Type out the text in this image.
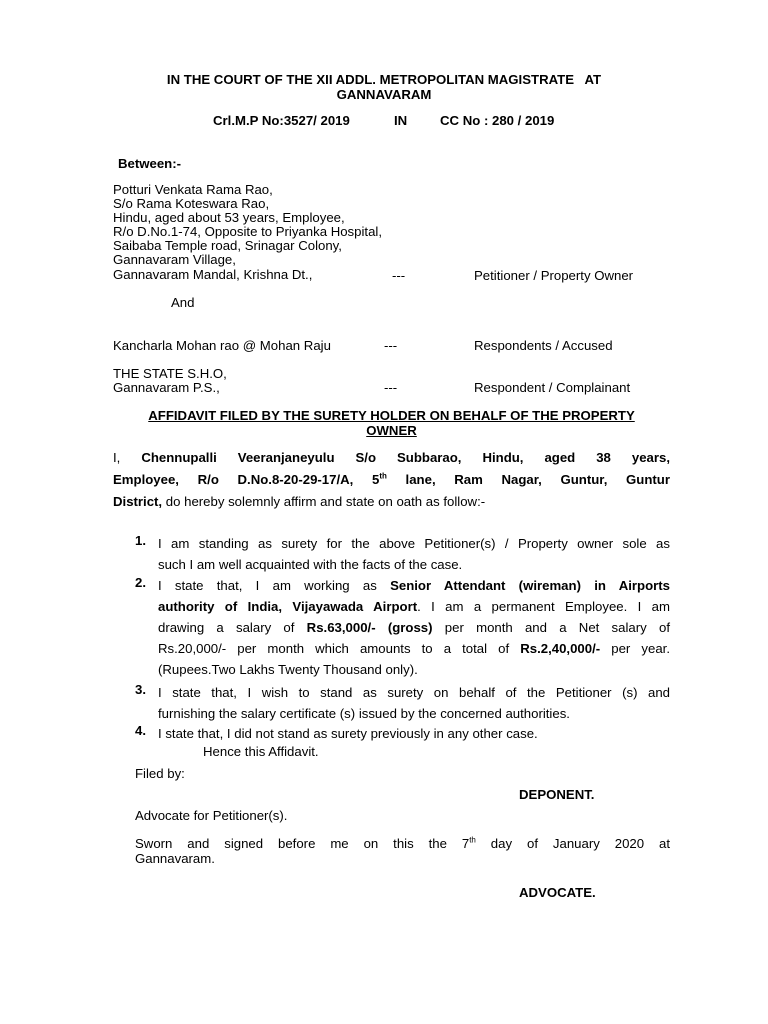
IN THE COURT OF THE XII ADDL. METROPOLITAN MAGISTRATE   AT
GANNAVARAM
Crl.M.P No:3527/ 2019	IN CC No : 280 / 2019
Between:-
Potturi Venkata Rama Rao,
S/o Rama Koteswara Rao,
Hindu, aged about 53 years, Employee,
R/o D.No.1-74, Opposite to Priyanka Hospital,
Saibaba Temple road, Srinagar Colony,
Gannavaram Village,
Gannavaram Mandal, Krishna Dt.,	---	Petitioner / Property Owner
And
Kancharla Mohan rao @ Mohan Raju	---	Respondents / Accused
THE STATE S.H.O,
Gannavaram P.S.,	---	Respondent / Complainant
AFFIDAVIT FILED BY THE SURETY HOLDER ON BEHALF OF THE PROPERTY
OWNER
I, Chennupalli Veeranjaneyulu S/o Subbarao, Hindu, aged 38 years,
Employee, R/o D.No.8-20-29-17/A, 5th lane, Ram Nagar, Guntur, Guntur
District, do hereby solemnly affirm and state on oath as follow:-
1. I am standing as surety for the above Petitioner(s) / Property owner sole as
such I am well acquainted with the facts of the case.
2. I state that, I am working as Senior Attendant (wireman) in Airports
authority of India, Vijayawada Airport. I am a permanent Employee. I am
drawing a salary of Rs.63,000/- (gross) per month and a Net salary of
Rs.20,000/- per month which amounts to a total of Rs.2,40,000/- per year.
(Rupees.Two Lakhs Twenty Thousand only).
3. I state that, I wish to stand as surety on behalf of the Petitioner (s) and
furnishing the salary certificate (s) issued by the concerned authorities.
4. I state that, I did not stand as surety previously in any other case.
Hence this Affidavit.
Filed by:
DEPONENT.
Advocate for Petitioner(s).
Sworn and signed before me on this the 7th day of January 2020 at
Gannavaram.
ADVOCATE.
